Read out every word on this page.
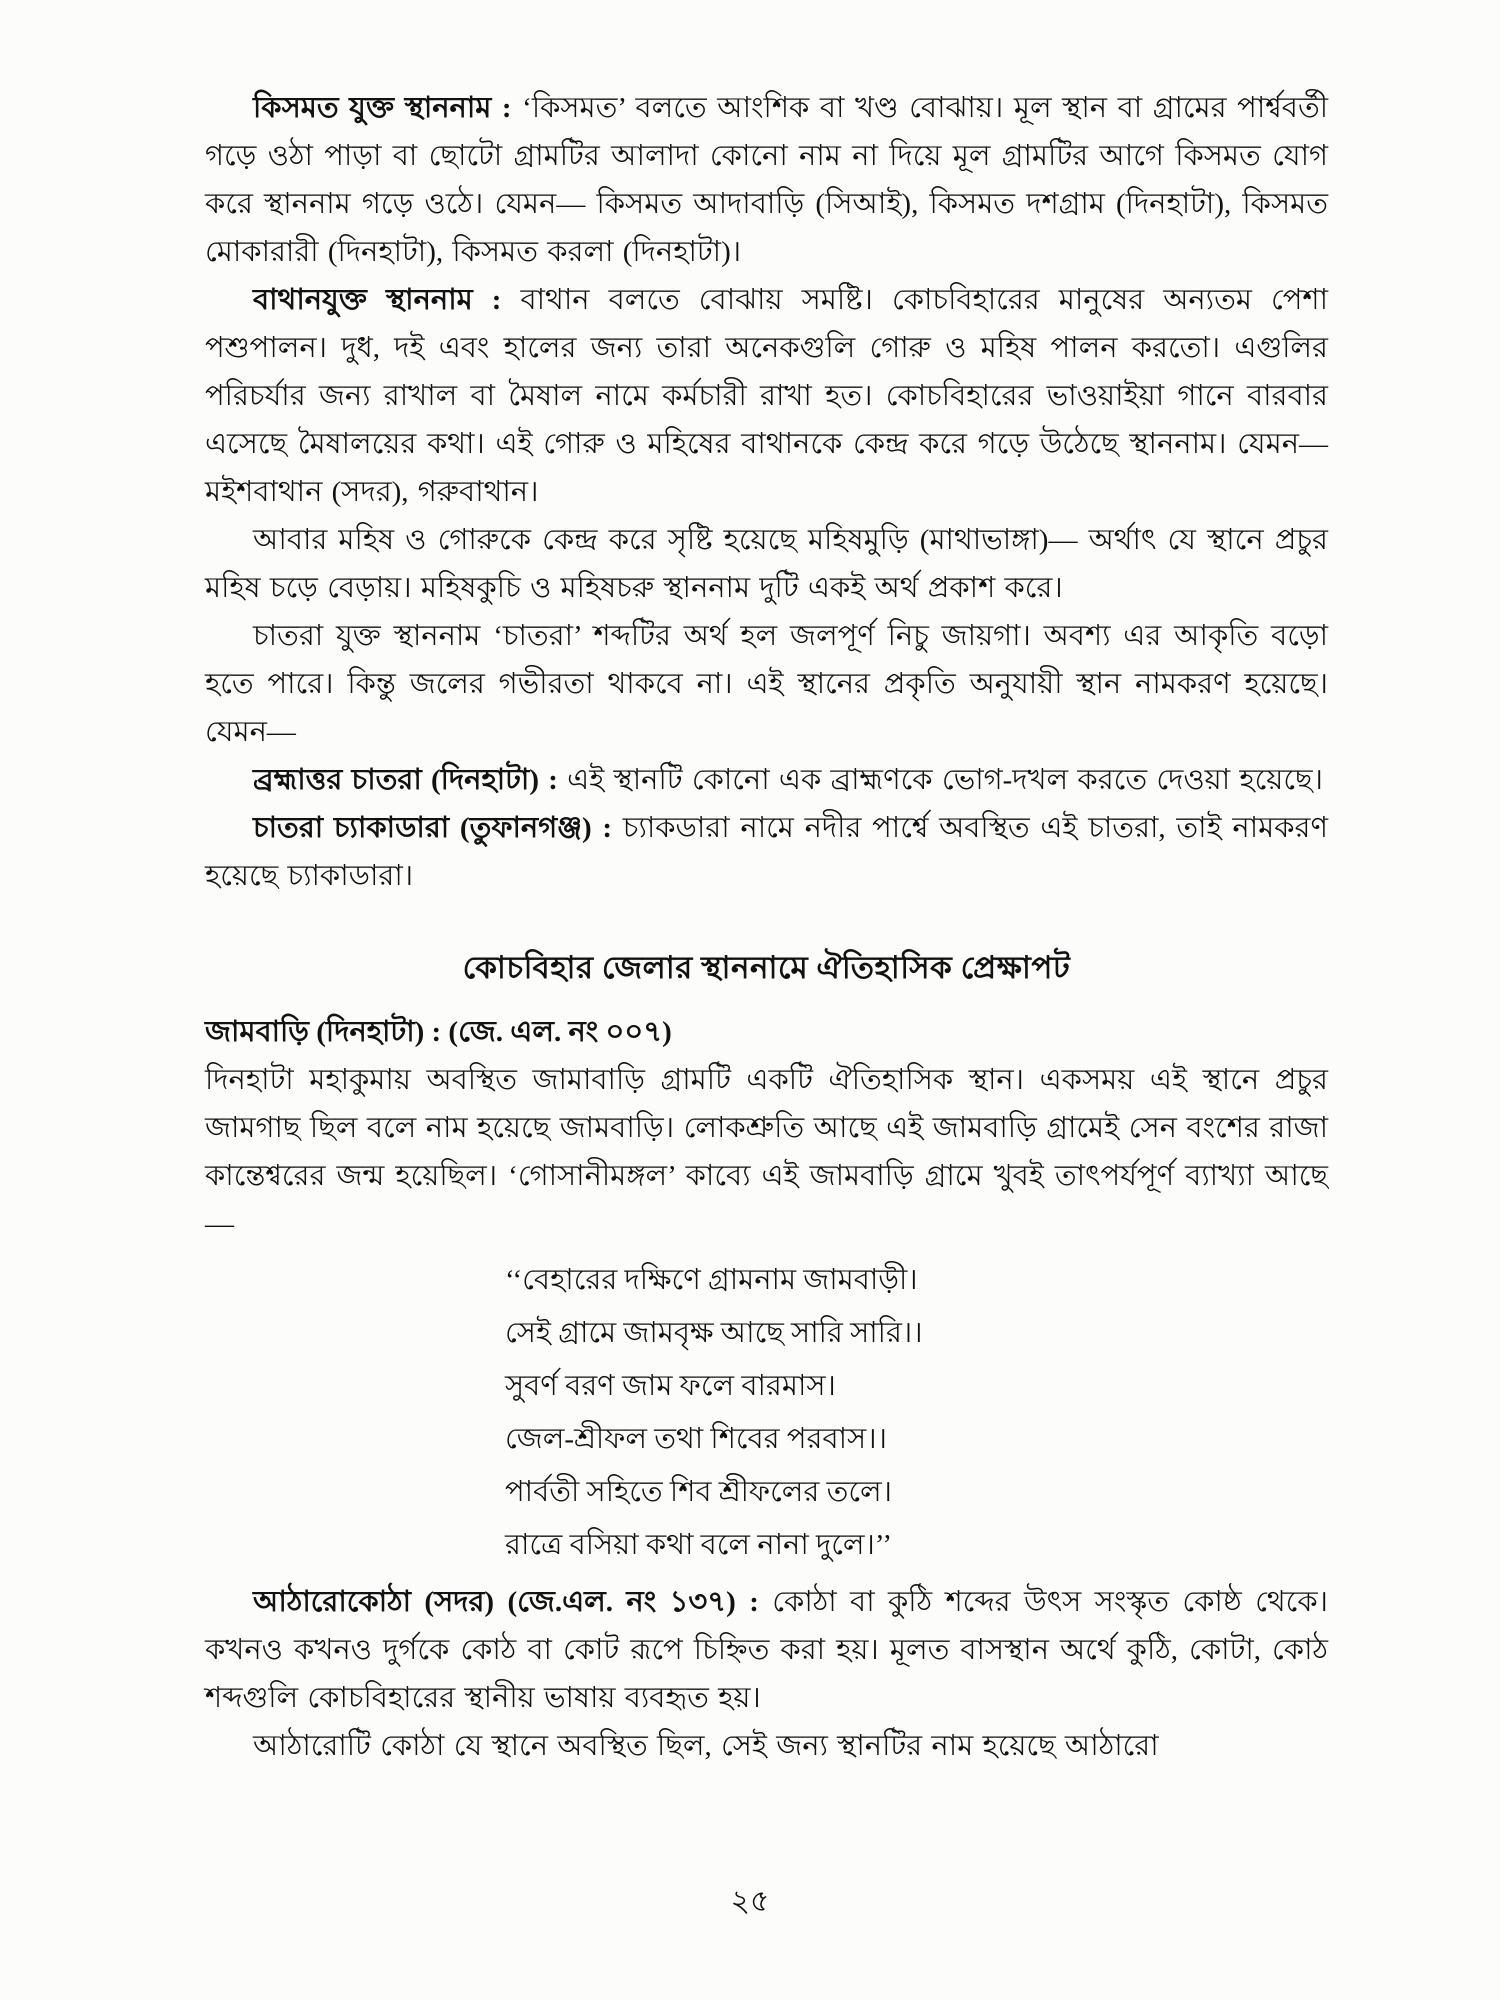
কিসমত যুক্ত স্থাননাম : ‘কিসমত’ বলতে আংশিক বা খণ্ড বোঝায়। মূল স্থান বা গ্রামের পার্শ্ববর্তী গড়ে ওঠা পাড়া বা ছোটো গ্রামটির আলাদা কোনো নাম না দিয়ে মূল গ্রামটির আগে কিসমত যোগ করে স্থাননাম গড়ে ওঠে। যেমন— কিসমত আদাবাড়ি (সিআই), কিসমত দশগ্রাম (দিনহাটা), কিসমত মোকারারী (দিনহাটা), কিসমত করলা (দিনহাটা)।

বাথানযুক্ত স্থাননাম : বাথান বলতে বোঝায় সমষ্টি। কোচবিহারের মানুষের অন্যতম পেশা পশুপালন। দুধ, দই এবং হালের জন্য তারা অনেকগুলি গোরু ও মহিষ পালন করতো। এগুলির পরিচর্যার জন্য রাখাল বা মৈষাল নামে কর্মচারী রাখা হত। কোচবিহারের ভাওয়াইয়া গানে বারবার এসেছে মৈষালয়ের কথা। এই গোরু ও মহিষের বাথানকে কেন্দ্র করে গড়ে উঠেছে স্থাননাম। যেমন— মইশবাথান (সদর), গরুবাথান।

আবার মহিষ ও গোরুকে কেন্দ্র করে সৃষ্টি হয়েছে মহিষমুড়ি (মাথাভাঙ্গা)— অর্থাৎ যে স্থানে প্রচুর মহিষ চড়ে বেড়ায়। মহিষকুচি ও মহিষচরু স্থাননাম দুটি একই অর্থ প্রকাশ করে।

চাতরা যুক্ত স্থাননাম ‘চাতরা’ শব্দটির অর্থ হল জলপূর্ণ নিচু জায়গা। অবশ্য এর আকৃতি বড়ো হতে পারে। কিন্তু জলের গভীরতা থাকবে না। এই স্থানের প্রকৃতি অনুযায়ী স্থান নামকরণ হয়েছে। যেমন—

ব্রহ্মাত্তর চাতরা (দিনহাটা) : এই স্থানটি কোনো এক ব্রাহ্মণকে ভোগ-দখল করতে দেওয়া হয়েছে।

চাতরা চ্যাকাডারা (তুফানগঞ্জ) : চ্যাকডারা নামে নদীর পার্শ্বে অবস্থিত এই চাতরা, তাই নামকরণ হয়েছে চ্যাকাডারা।

কোচবিহার জেলার স্থাননামে ঐতিহাসিক প্রেক্ষাপট

জামবাড়ি (দিনহাটা) : (জে. এল. নং ০০৭)

দিনহাটা মহাকুমায় অবস্থিত জামাবাড়ি গ্রামটি একটি ঐতিহাসিক স্থান। একসময় এই স্থানে প্রচুর জামগাছ ছিল বলে নাম হয়েছে জামবাড়ি। লোকশ্রুতি আছে এই জামবাড়ি গ্রামেই সেন বংশের রাজা কান্তেশ্বরের জন্ম হয়েছিল। ‘গোসানীমঙ্গল’ কাব্যে এই জামবাড়ি গ্রামে খুবই তাৎপর্যপূর্ণ ব্যাখ্যা আছে—

‘‘বেহারের দক্ষিণে গ্রামনাম জামবাড়ী।
সেই গ্রামে জামবৃক্ষ আছে সারি সারি।।
সুবর্ণ বরণ জাম ফলে বারমাস।
জেল-শ্রীফল তথা শিবের পরবাস।।
পার্বতী সহিতে শিব শ্রীফলের তলে।
রাত্রে বসিয়া কথা বলে নানা দুলে।’’

আঠারোকোঠা (সদর) (জে.এল. নং ১৩৭) : কোঠা বা কুঠি শব্দের উৎস সংস্কৃত কোষ্ঠ থেকে। কখনও কখনও দুর্গকে কোঠ বা কোট রূপে চিহ্নিত করা হয়। মূলত বাসস্থান অর্থে কুঠি, কোটা, কোঠ শব্দগুলি কোচবিহারের স্থানীয় ভাষায় ব্যবহৃত হয়।

আঠারোটি কোঠা যে স্থানে অবস্থিত ছিল, সেই জন্য স্থানটির নাম হয়েছে আঠারো

২৫
